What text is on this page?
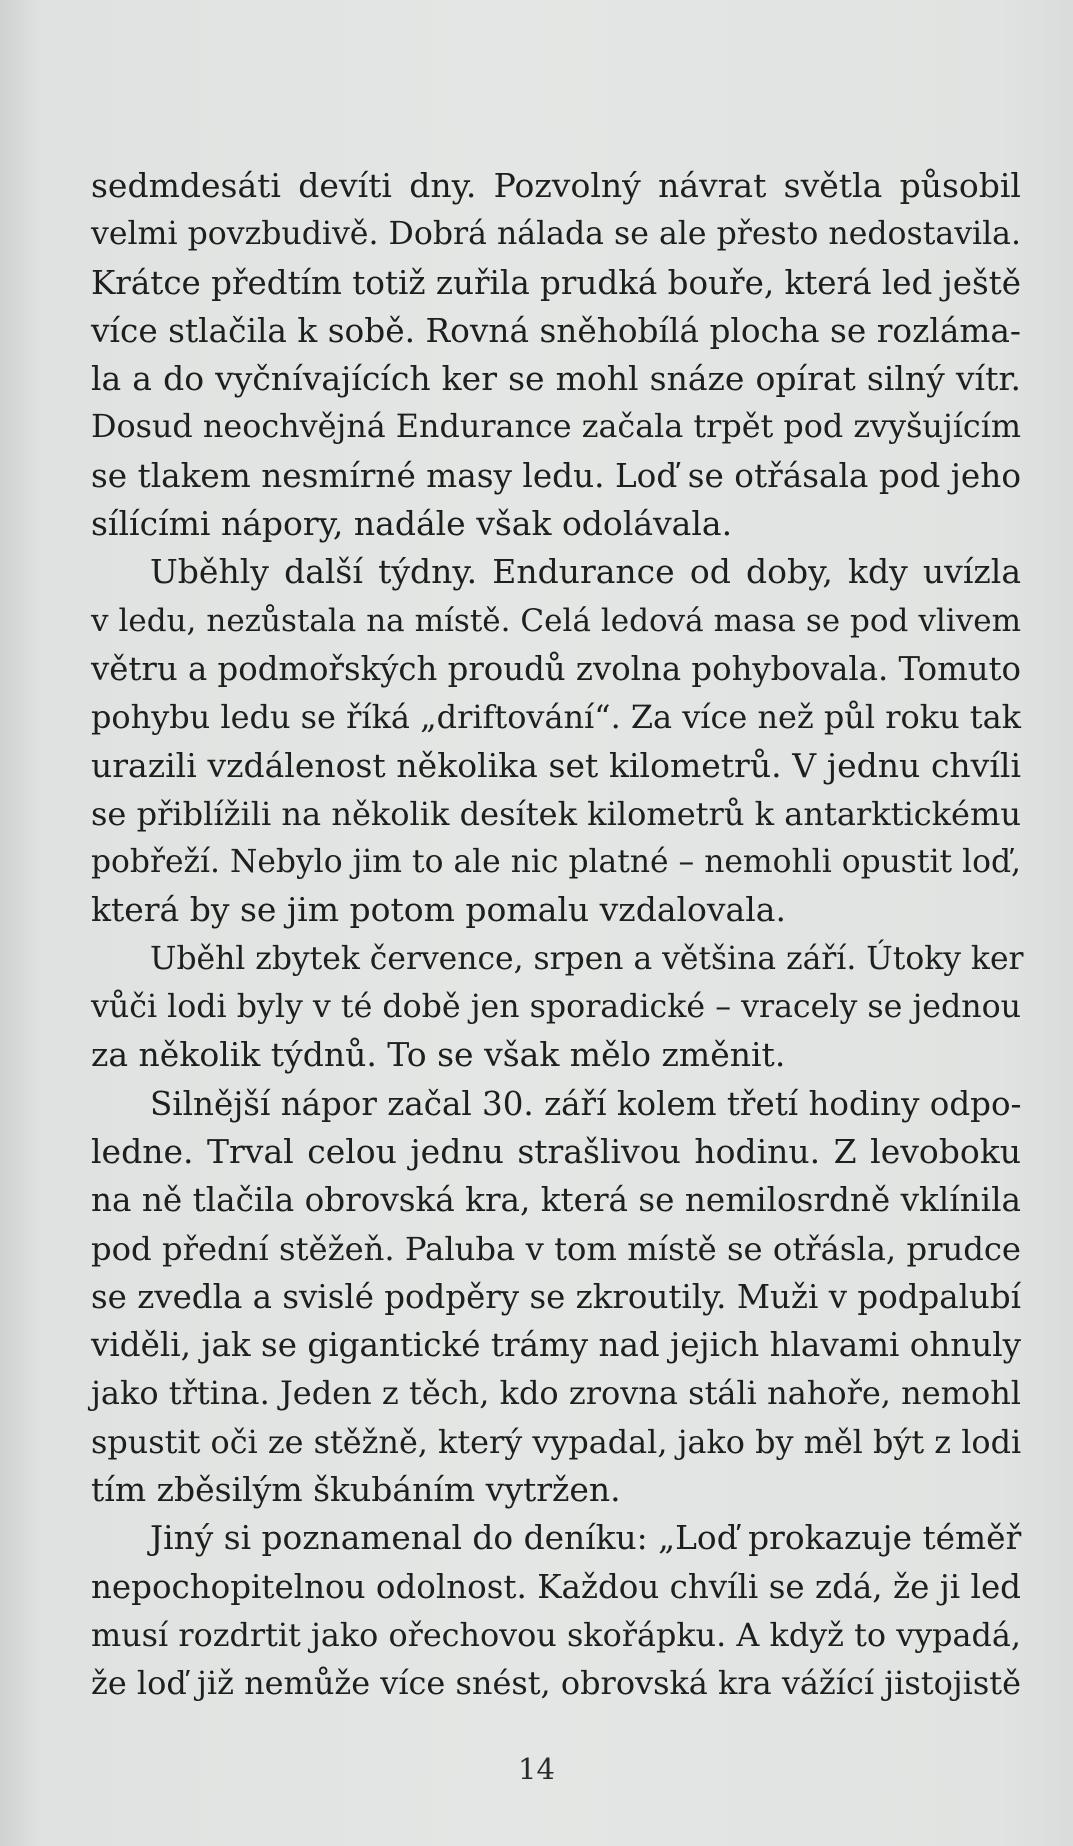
sedmdesáti devíti dny. Pozvolný návrat světla působil
velmi povzbudivě. Dobrá nálada se ale přesto nedostavila.
Krátce předtím totiž zuřila prudká bouře, která led ještě
více stlačila k sobě. Rovná sněhobílá plocha se rozláma-
la a do vyčnívajících ker se mohl snáze opírat silný vítr.
Dosud neochvějná Endurance začala trpět pod zvyšujícím
se tlakem nesmírné masy ledu. Loď se otřásala pod jeho
sílícími nápory, nadále však odolávala.
Uběhly další týdny. Endurance od doby, kdy uvízla
v ledu, nezůstala na místě. Celá ledová masa se pod vlivem
větru a podmořských proudů zvolna pohybovala. Tomuto
pohybu ledu se říká „driftování“. Za více než půl roku tak
urazili vzdálenost několika set kilometrů. V jednu chvíli
se přiblížili na několik desítek kilometrů k antarktickému
pobřeží. Nebylo jim to ale nic platné – nemohli opustit loď,
která by se jim potom pomalu vzdalovala.
Uběhl zbytek července, srpen a většina září. Útoky ker
vůči lodi byly v té době jen sporadické – vracely se jednou
za několik týdnů. To se však mělo změnit.
Silnější nápor začal 30. září kolem třetí hodiny odpo-
ledne. Trval celou jednu strašlivou hodinu. Z levoboku
na ně tlačila obrovská kra, která se nemilosrdně vklínila
pod přední stěžeň. Paluba v tom místě se otřásla, prudce
se zvedla a svislé podpěry se zkroutily. Muži v podpalubí
viděli, jak se gigantické trámy nad jejich hlavami ohnuly
jako třtina. Jeden z těch, kdo zrovna stáli nahoře, nemohl
spustit oči ze stěžně, který vypadal, jako by měl být z lodi
tím zběsilým škubáním vytržen.
Jiný si poznamenal do deníku: „Loď prokazuje téměř
nepochopitelnou odolnost. Každou chvíli se zdá, že ji led
musí rozdrtit jako ořechovou skořápku. A když to vypadá,
že loď již nemůže více snést, obrovská kra vážící jistojistě
14
